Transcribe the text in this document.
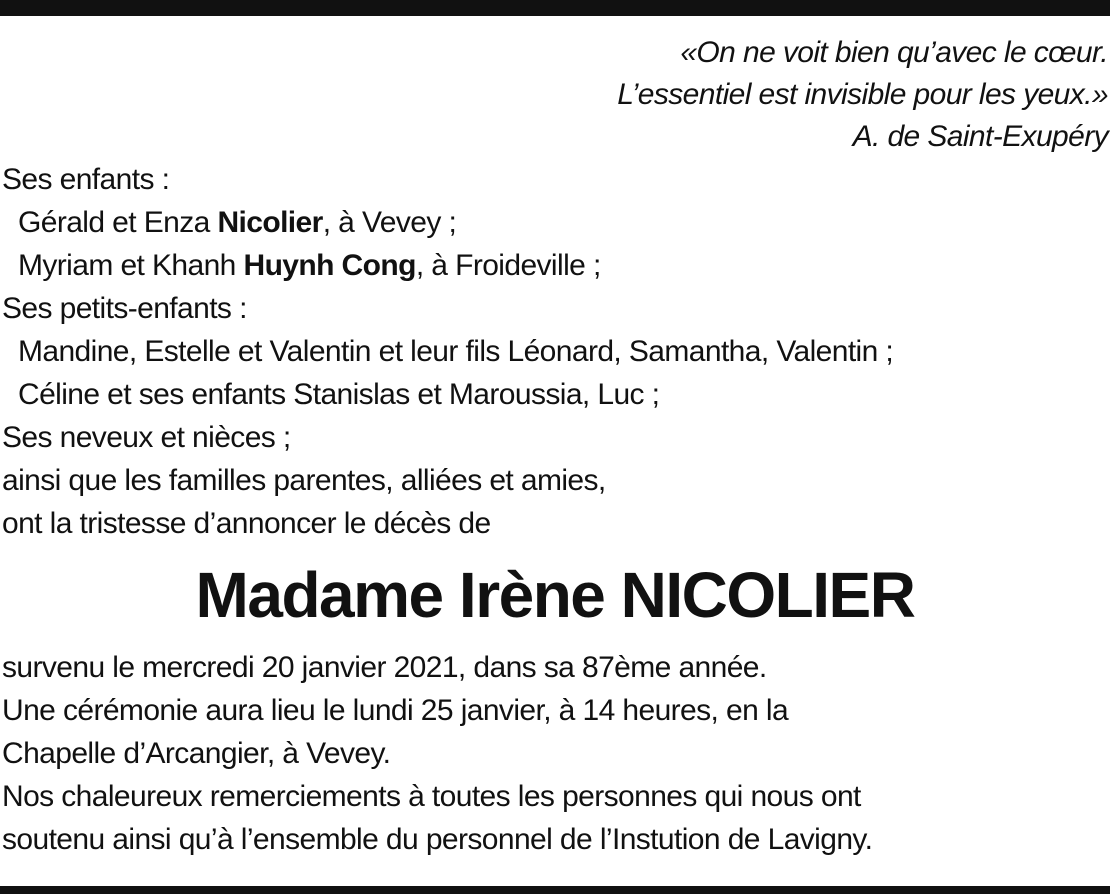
«On ne voit bien qu’avec le cœur.
L’essentiel est invisible pour les yeux.»
A. de Saint-Exupéry
Ses enfants :
Gérald et Enza Nicolier, à Vevey ;
Myriam et Khanh Huynh Cong, à Froideville ;
Ses petits-enfants :
Mandine, Estelle et Valentin et leur fils Léonard, Samantha, Valentin ;
Céline et ses enfants Stanislas et Maroussia, Luc ;
Ses neveux et nièces ;
ainsi que les familles parentes, alliées et amies,
ont la tristesse d’annoncer le décès de
Madame Irène NICOLIER
survenu le mercredi 20 janvier 2021, dans sa 87ème année.
Une cérémonie aura lieu le lundi 25 janvier, à 14 heures, en la
Chapelle d’Arcangier, à Vevey.
Nos chaleureux remerciements à toutes les personnes qui nous ont
soutenu ainsi qu’à l’ensemble du personnel de l’Instution de Lavigny.
